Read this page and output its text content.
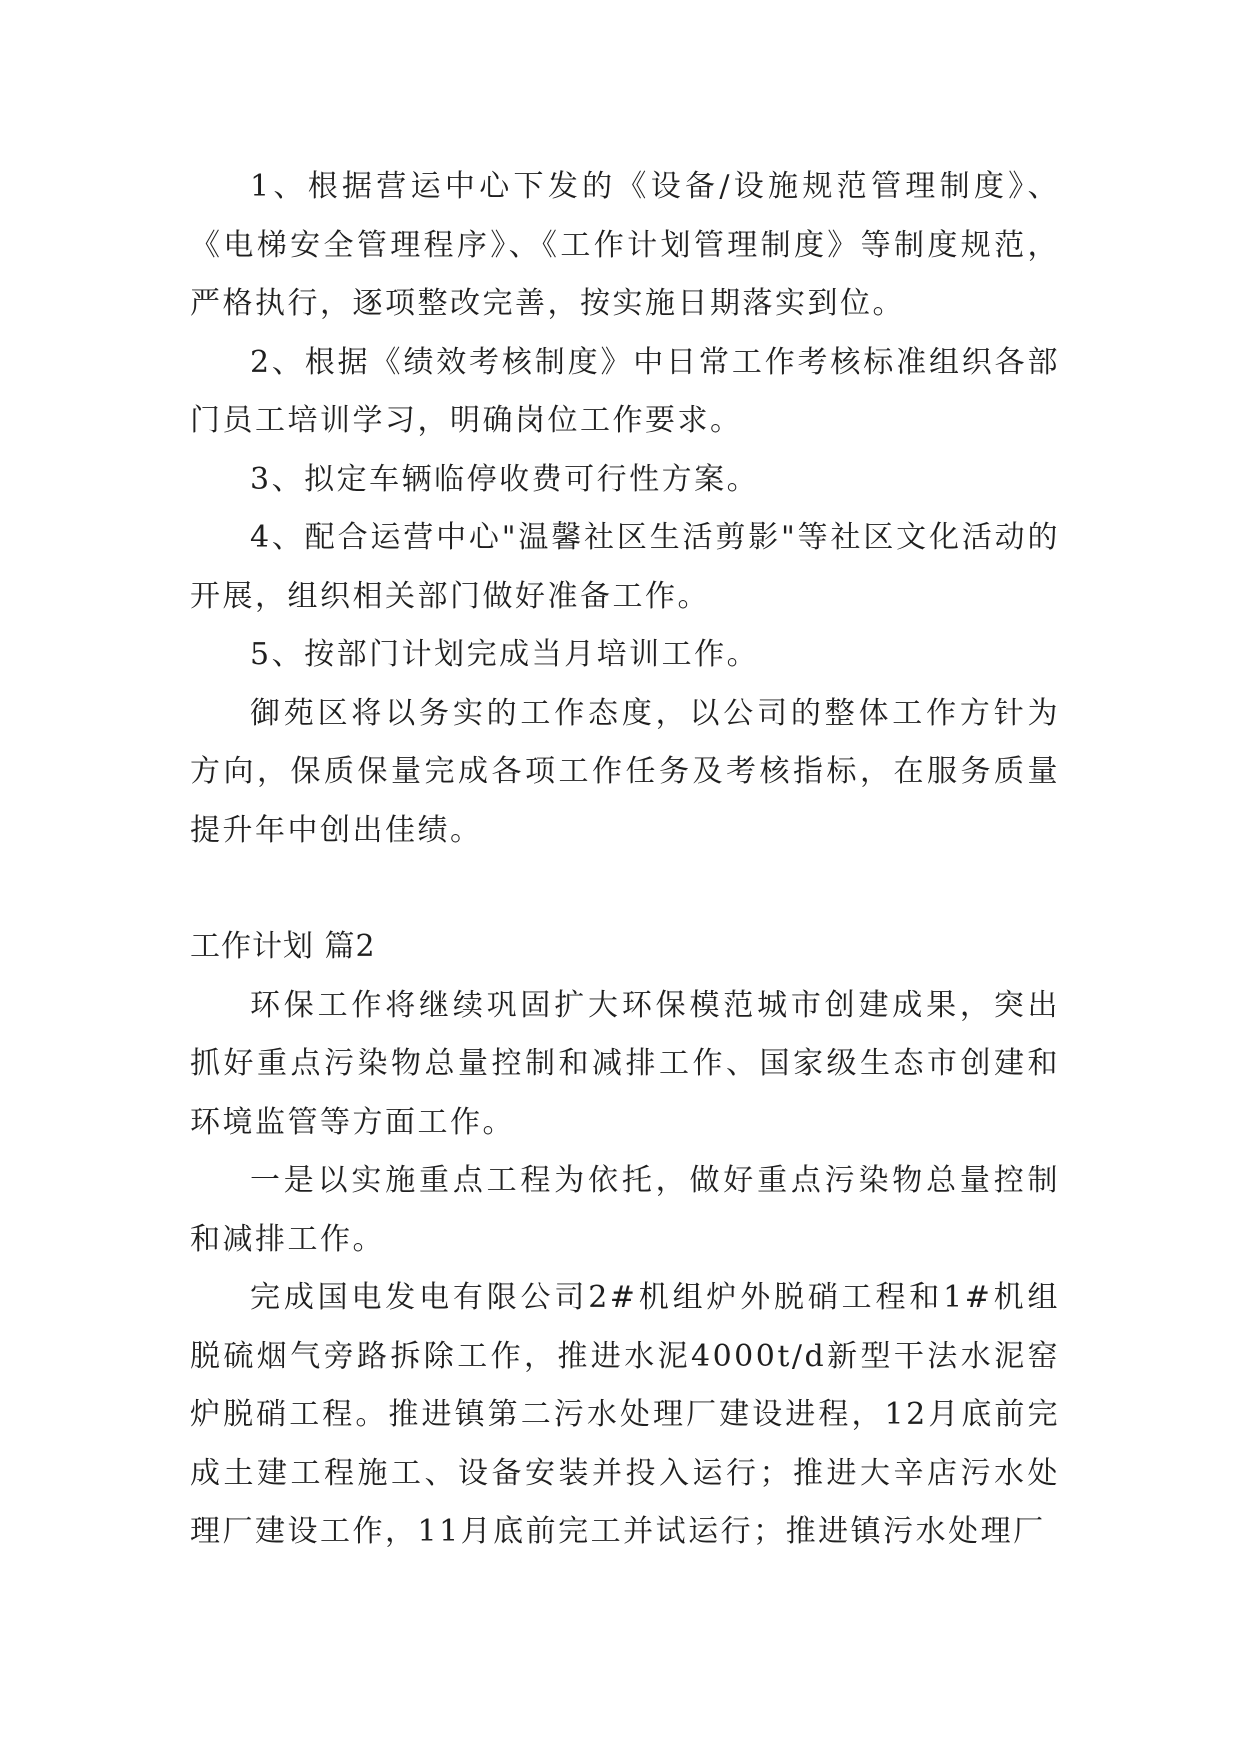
1、根据营运中心下发的《设备/设施规范管理制度》、《电梯安全管理程序》、《工作计划管理制度》等制度规范，严格执行，逐项整改完善，按实施日期落实到位。

2、根据《绩效考核制度》中日常工作考核标准组织各部门员工培训学习，明确岗位工作要求。

3、拟定车辆临停收费可行性方案。

4、配合运营中心"温馨社区生活剪影"等社区文化活动的开展，组织相关部门做好准备工作。

5、按部门计划完成当月培训工作。

御苑区将以务实的工作态度，以公司的整体工作方针为方向，保质保量完成各项工作任务及考核指标，在服务质量提升年中创出佳绩。

工作计划 篇2

环保工作将继续巩固扩大环保模范城市创建成果，突出抓好重点污染物总量控制和减排工作、国家级生态市创建和环境监管等方面工作。

一是以实施重点工程为依托，做好重点污染物总量控制和减排工作。

完成国电发电有限公司2#机组炉外脱硝工程和1#机组脱硫烟气旁路拆除工作，推进水泥4000t/d新型干法水泥窑炉脱硝工程。推进镇第二污水处理厂建设进程，12月底前完成土建工程施工、设备安装并投入运行；推进大辛店污水处理厂建设工作，11月底前完工并试运行；推进镇污水处理厂
